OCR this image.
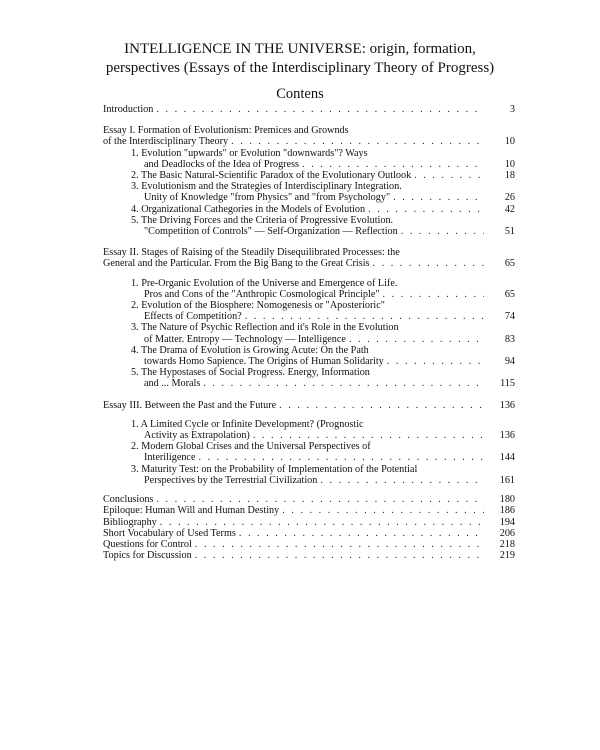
INTELLIGENCE IN THE UNIVERSE: origin, formation,
perspectives (Essays of the Interdisciplinary Theory of Progress)
Contens
Introduction . . .	3
Essay I. Formation of Evolutionism: Premices and Grownds
of the Interdisciplinary Theory . . .	10
1. Evolution "upwards" or Evolution "downwards"? Ways
and Deadlocks of the Idea of Progress . . .	10
2. The Basic Natural-Scientific Paradox of the Evolutionary Outlook . . .	18
3. Evolutionism and the Strategies of Interdisciplinary Integration.
Unity of Knowledge "from Physics" and "from Psychology" . . .	26
4. Organizational Cathegories in the Models of Evolution . . .	42
5. The Driving Forces and the Criteria of Progressive Evolution.
"Competition of Controls" — Self-Organization — Reflection . . .	51
Essay II. Stages of Raising of the Steadily Disequilibrated Processes: the
General and the Particular. From the Big Bang to the Great Crisis . . .	65
1. Pre-Organic Evolution of the Universe and Emergence of Life.
Pros and Cons of the "Anthropic Cosmological Principle" . . .	65
2. Evolution of the Biosphere: Nomogenesis or "Aposterioric"
Effects of Competition? . . .	74
3. The Nature of Psychic Reflection and it's Role in the Evolution
of Matter. Entropy — Technology — Intelligence . . .	83
4. The Drama of Evolution is Growing Acute: On the Path
towards Homo Sapience. The Origins of Human Solidarity . . .	94
5. The Hypostases of Social Progress. Energy, Information
and ... Morals . . .	115
Essay III. Between the Past and the Future . . .	136
1. A Limited Cycle or Infinite Development? (Prognostic
Activity as Extrapolation) . . .	136
2. Modern Global Crises and the Universal Perspectives of
Interiligence . . .	144
3. Maturity Test: on the Probability of Implementation of the Potential
Perspectives by the Terrestrial Civilization . . .	161
Conclusions . . .	180
Epiloque: Human Will and Human Destiny . . .	186
Bibliography . . .	194
Short Vocabulary of Used Terms . . .	206
Questions for Control . . .	218
Topics for Discussion . . .	219
